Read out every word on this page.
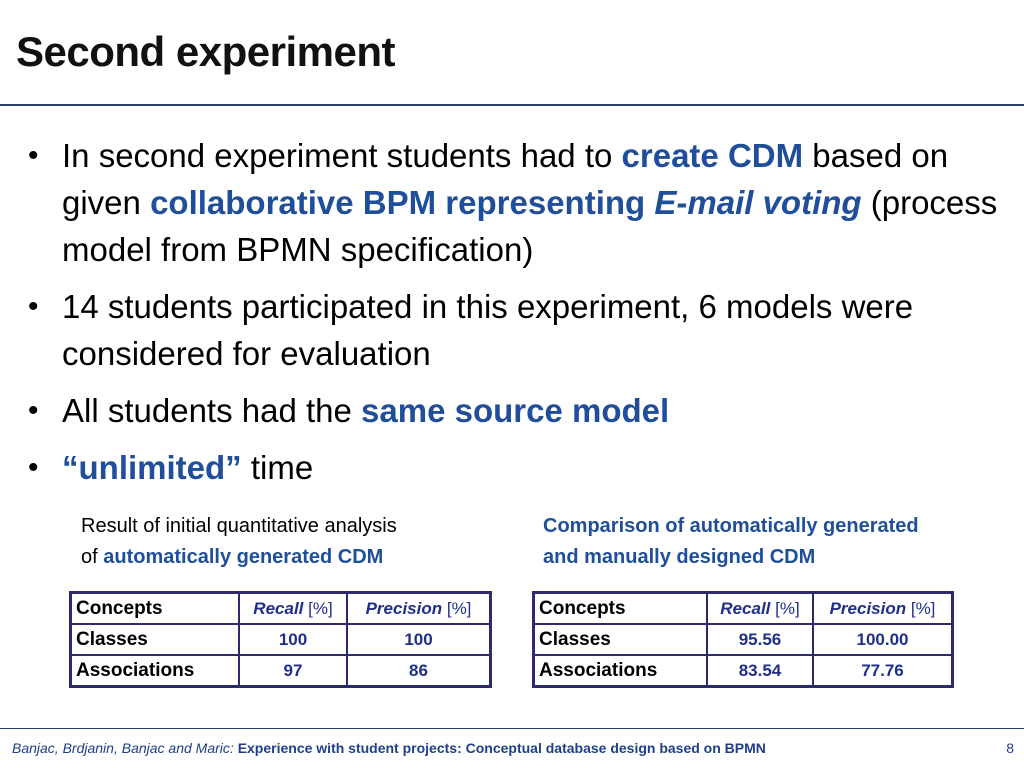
Second experiment
• In second experiment students had to create CDM based on given collaborative BPM representing E-mail voting (process model from BPMN specification)
• 14 students participated in this experiment, 6 models were considered for evaluation
• All students had the same source model
• “unlimited” time
Result of initial quantitative analysis
of automatically generated CDM
Comparison of automatically generated
and manually designed CDM
Concepts	Recall [%]	Precision [%]
Classes	100	100
Associations	97	86
Concepts	Recall [%]	Precision [%]
Classes	95.56	100.00
Associations	83.54	77.76
Banjac, Brdjanin, Banjac and Maric: Experience with student projects: Conceptual database design based on BPMN	8
